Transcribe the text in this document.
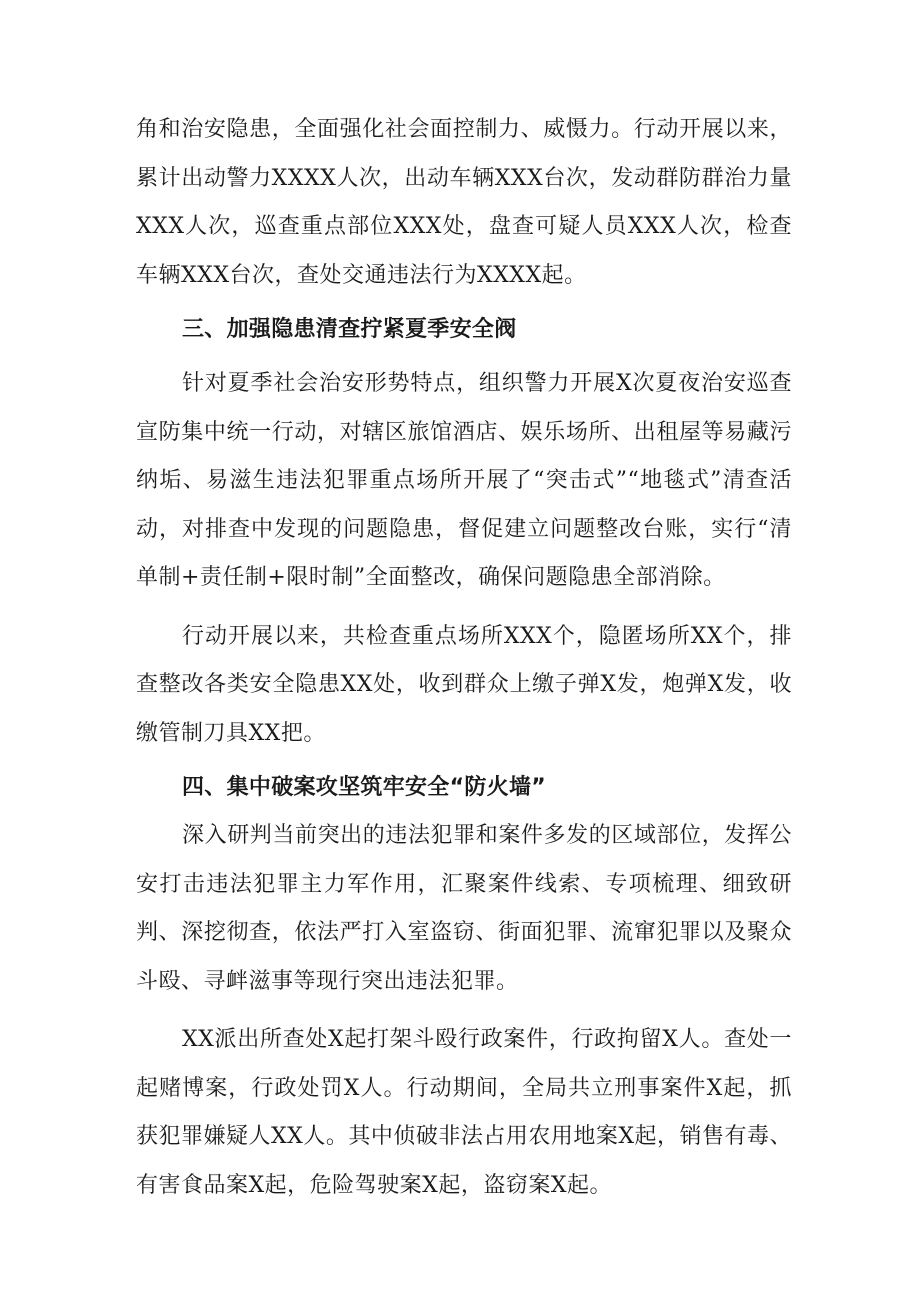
角和治安隐患，全面强化社会面控制力、威慑力。行动开展以来，累计出动警力XXXX人次，出动车辆XXX台次，发动群防群治力量XXX人次，巡查重点部位XXX处，盘查可疑人员XXX人次，检查车辆XXX台次，查处交通违法行为XXXX起。

三、加强隐患清查拧紧夏季安全阀

针对夏季社会治安形势特点，组织警力开展X次夏夜治安巡查宣防集中统一行动，对辖区旅馆酒店、娱乐场所、出租屋等易藏污纳垢、易滋生违法犯罪重点场所开展了“突击式”“地毯式”清查活动，对排查中发现的问题隐患，督促建立问题整改台账，实行“清单制+责任制+限时制”全面整改，确保问题隐患全部消除。

行动开展以来，共检查重点场所XXX个，隐匿场所XX个，排查整改各类安全隐患XX处，收到群众上缴子弹X发，炮弹X发，收缴管制刀具XX把。

四、集中破案攻坚筑牢安全“防火墙”

深入研判当前突出的违法犯罪和案件多发的区域部位，发挥公安打击违法犯罪主力军作用，汇聚案件线索、专项梳理、细致研判、深挖彻查，依法严打入室盗窃、街面犯罪、流窜犯罪以及聚众斗殴、寻衅滋事等现行突出违法犯罪。

XX派出所查处X起打架斗殴行政案件，行政拘留X人。查处一起赌博案，行政处罚X人。行动期间，全局共立刑事案件X起，抓获犯罪嫌疑人XX人。其中侦破非法占用农用地案X起，销售有毒、有害食品案X起，危险驾驶案X起，盗窃案X起。
